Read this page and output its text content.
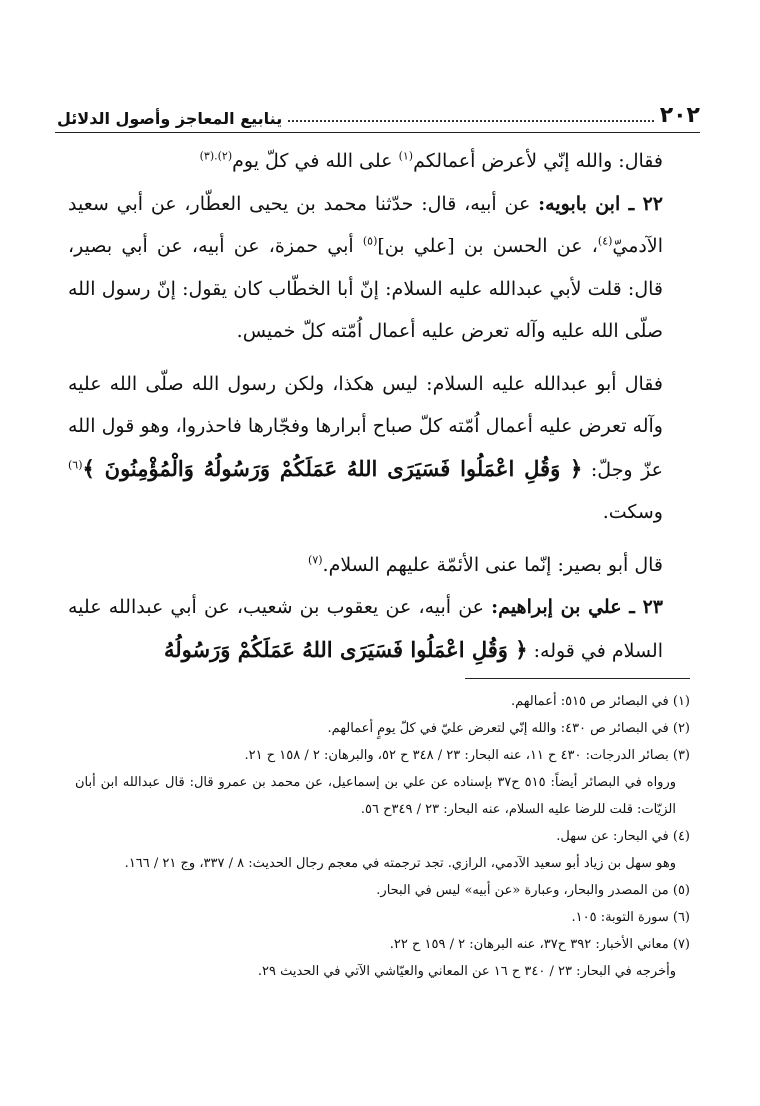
٢٠٢
ينابيع المعاجز وأصول الدلائل

فقال: والله إنّي لأعرض أعمالكم$^{(١)}$ على الله في كلّ يوم$^{(٢).(٣)}$

٢٢ ـ ابن بابويه: عن أبيه، قال: حدّثنا محمد بن يحيى العطّار، عن أبي سعيد الآدميّ$^{(٤)}$، عن الحسن بن [علي بن]$^{(٥)}$ أبي حمزة، عن أبيه، عن أبي بصير، قال: قلت لأبي عبدالله عليه السلام: إنّ أبا الخطّاب كان يقول: إنّ رسول الله صلّى الله عليه وآله تعرض عليه أعمال اُمّته كلّ خميس.

فقال أبو عبدالله عليه السلام: ليس هكذا، ولكن رسول الله صلّى الله عليه وآله تعرض عليه أعمال اُمّته كلّ صباح أبرارها وفجّارها فاحذروا، وهو قول الله عزّ وجلّ: ﴿ وَقُلِ اعْمَلُوا فَسَيَرَى اللهُ عَمَلَكُمْ وَرَسُولُهُ وَالْمُؤْمِنُونَ ﴾$^{(٦)}$ وسكت.

قال أبو بصير: إنّما عنى الأئمّة عليهم السلام.$^{(٧)}$

٢٣ ـ علي بن إبراهيم: عن أبيه، عن يعقوب بن شعيب، عن أبي عبدالله عليه السلام في قوله: ﴿ وَقُلِ اعْمَلُوا فَسَيَرَى اللهُ عَمَلَكُمْ وَرَسُولُهُ

(١) في البصائر ص ٥١٥: أعمالهم.

(٢) في البصائر ص ٤٣٠: والله إنّي لتعرض عليّ في كلّ يومٍ أعمالهم.

(٣) بصائر الدرجات: ٤٣٠ ح ١١، عنه البحار: ٢٣ / ٣٤٨ ح ٥٢، والبرهان: ٢ / ١٥٨ ح ٢١.

ورواه في البصائر أيضاً: ٥١٥ ح٣٧ بإسناده عن علي بن إسماعيل، عن محمد بن عمرو قال: قال عبدالله ابن أبان الزيّات: قلت للرضا عليه السلام، عنه البحار: ٢٣ / ٣٤٩ح ٥٦.

(٤) في البحار: عن سهل.

وهو سهل بن زياد أبو سعيد الآدمي، الرازي. تجد ترجمته في معجم رجال الحديث: ٨ / ٣٣٧، وج ٢١ / ١٦٦.

(٥) من المصدر والبحار، وعبارة «عن أبيه» ليس في البحار.

(٦) سورة التوبة: ١٠٥.

(٧) معاني الأخبار: ٣٩٢ ح٣٧، عنه البرهان: ٢ / ١٥٩ ح ٢٢.

وأخرجه في البحار: ٢٣ / ٣٤٠ ح ١٦ عن المعاني والعيّاشي الآتي في الحديث ٢٩.
